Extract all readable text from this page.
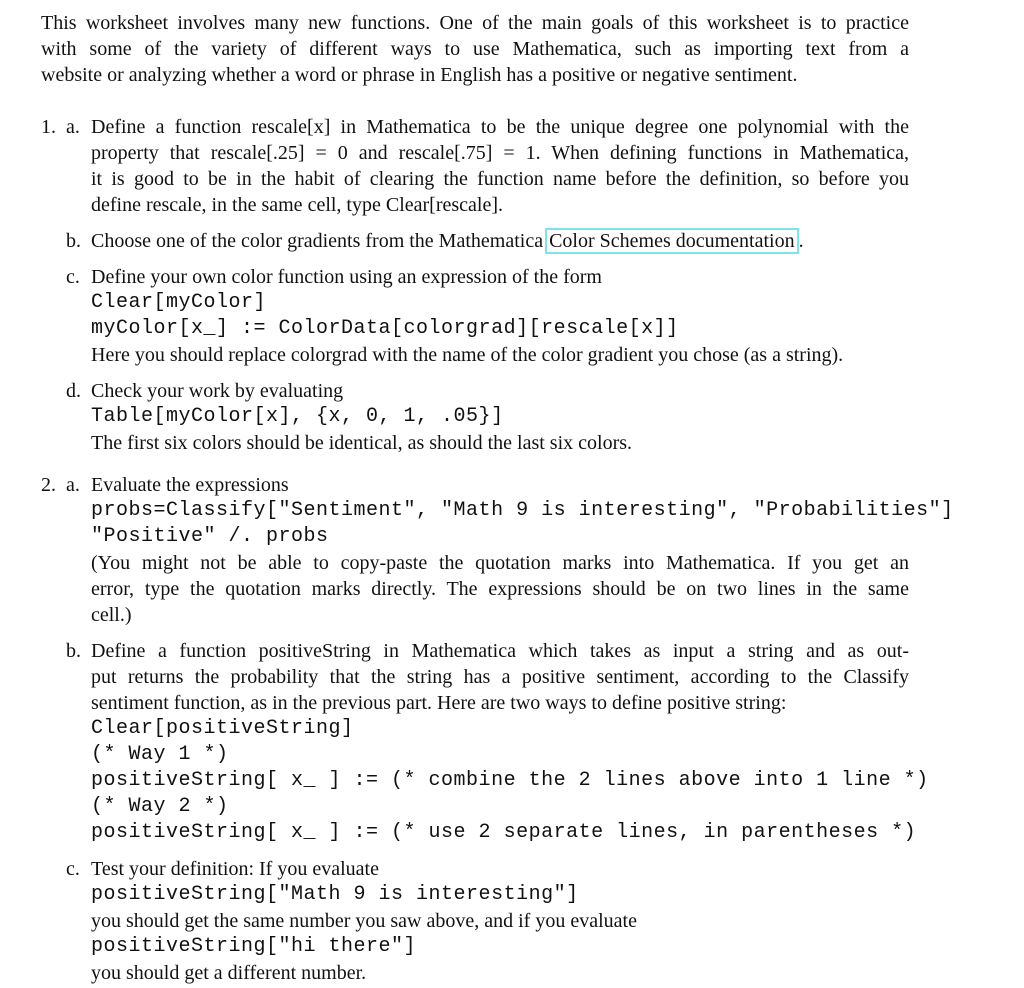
This worksheet involves many new functions. One of the main goals of this worksheet is to practice
with some of the variety of different ways to use Mathematica, such as importing text from a
website or analyzing whether a word or phrase in English has a positive or negative sentiment.
1. a. Define a function rescale[x] in Mathematica to be the unique degree one polynomial with the
property that rescale[.25] = 0 and rescale[.75] = 1. When defining functions in Mathematica,
it is good to be in the habit of clearing the function name before the definition, so before you
define rescale, in the same cell, type Clear[rescale].
b. Choose one of the color gradients from the Mathematica Color Schemes documentation .
c. Define your own color function using an expression of the form
Clear[myColor]
myColor[x_] := ColorData[colorgrad][rescale[x]]
Here you should replace colorgrad with the name of the color gradient you chose (as a string).
d. Check your work by evaluating
Table[myColor[x], {x, 0, 1, .05}]
The first six colors should be identical, as should the last six colors.
2. a. Evaluate the expressions
probs=Classify["Sentiment", "Math 9 is interesting", "Probabilities"]
"Positive" /. probs
(You might not be able to copy-paste the quotation marks into Mathematica. If you get an
error, type the quotation marks directly. The expressions should be on two lines in the same
cell.)
b. Define a function positiveString in Mathematica which takes as input a string and as out-
put returns the probability that the string has a positive sentiment, according to the Classify
sentiment function, as in the previous part. Here are two ways to define positive string:
Clear[positiveString]
(* Way 1 *)
positiveString[ x_ ] := (* combine the 2 lines above into 1 line *)
(* Way 2 *)
positiveString[ x_ ] := (* use 2 separate lines, in parentheses *)
c. Test your definition: If you evaluate
positiveString["Math 9 is interesting"]
you should get the same number you saw above, and if you evaluate
positiveString["hi there"]
you should get a different number.
